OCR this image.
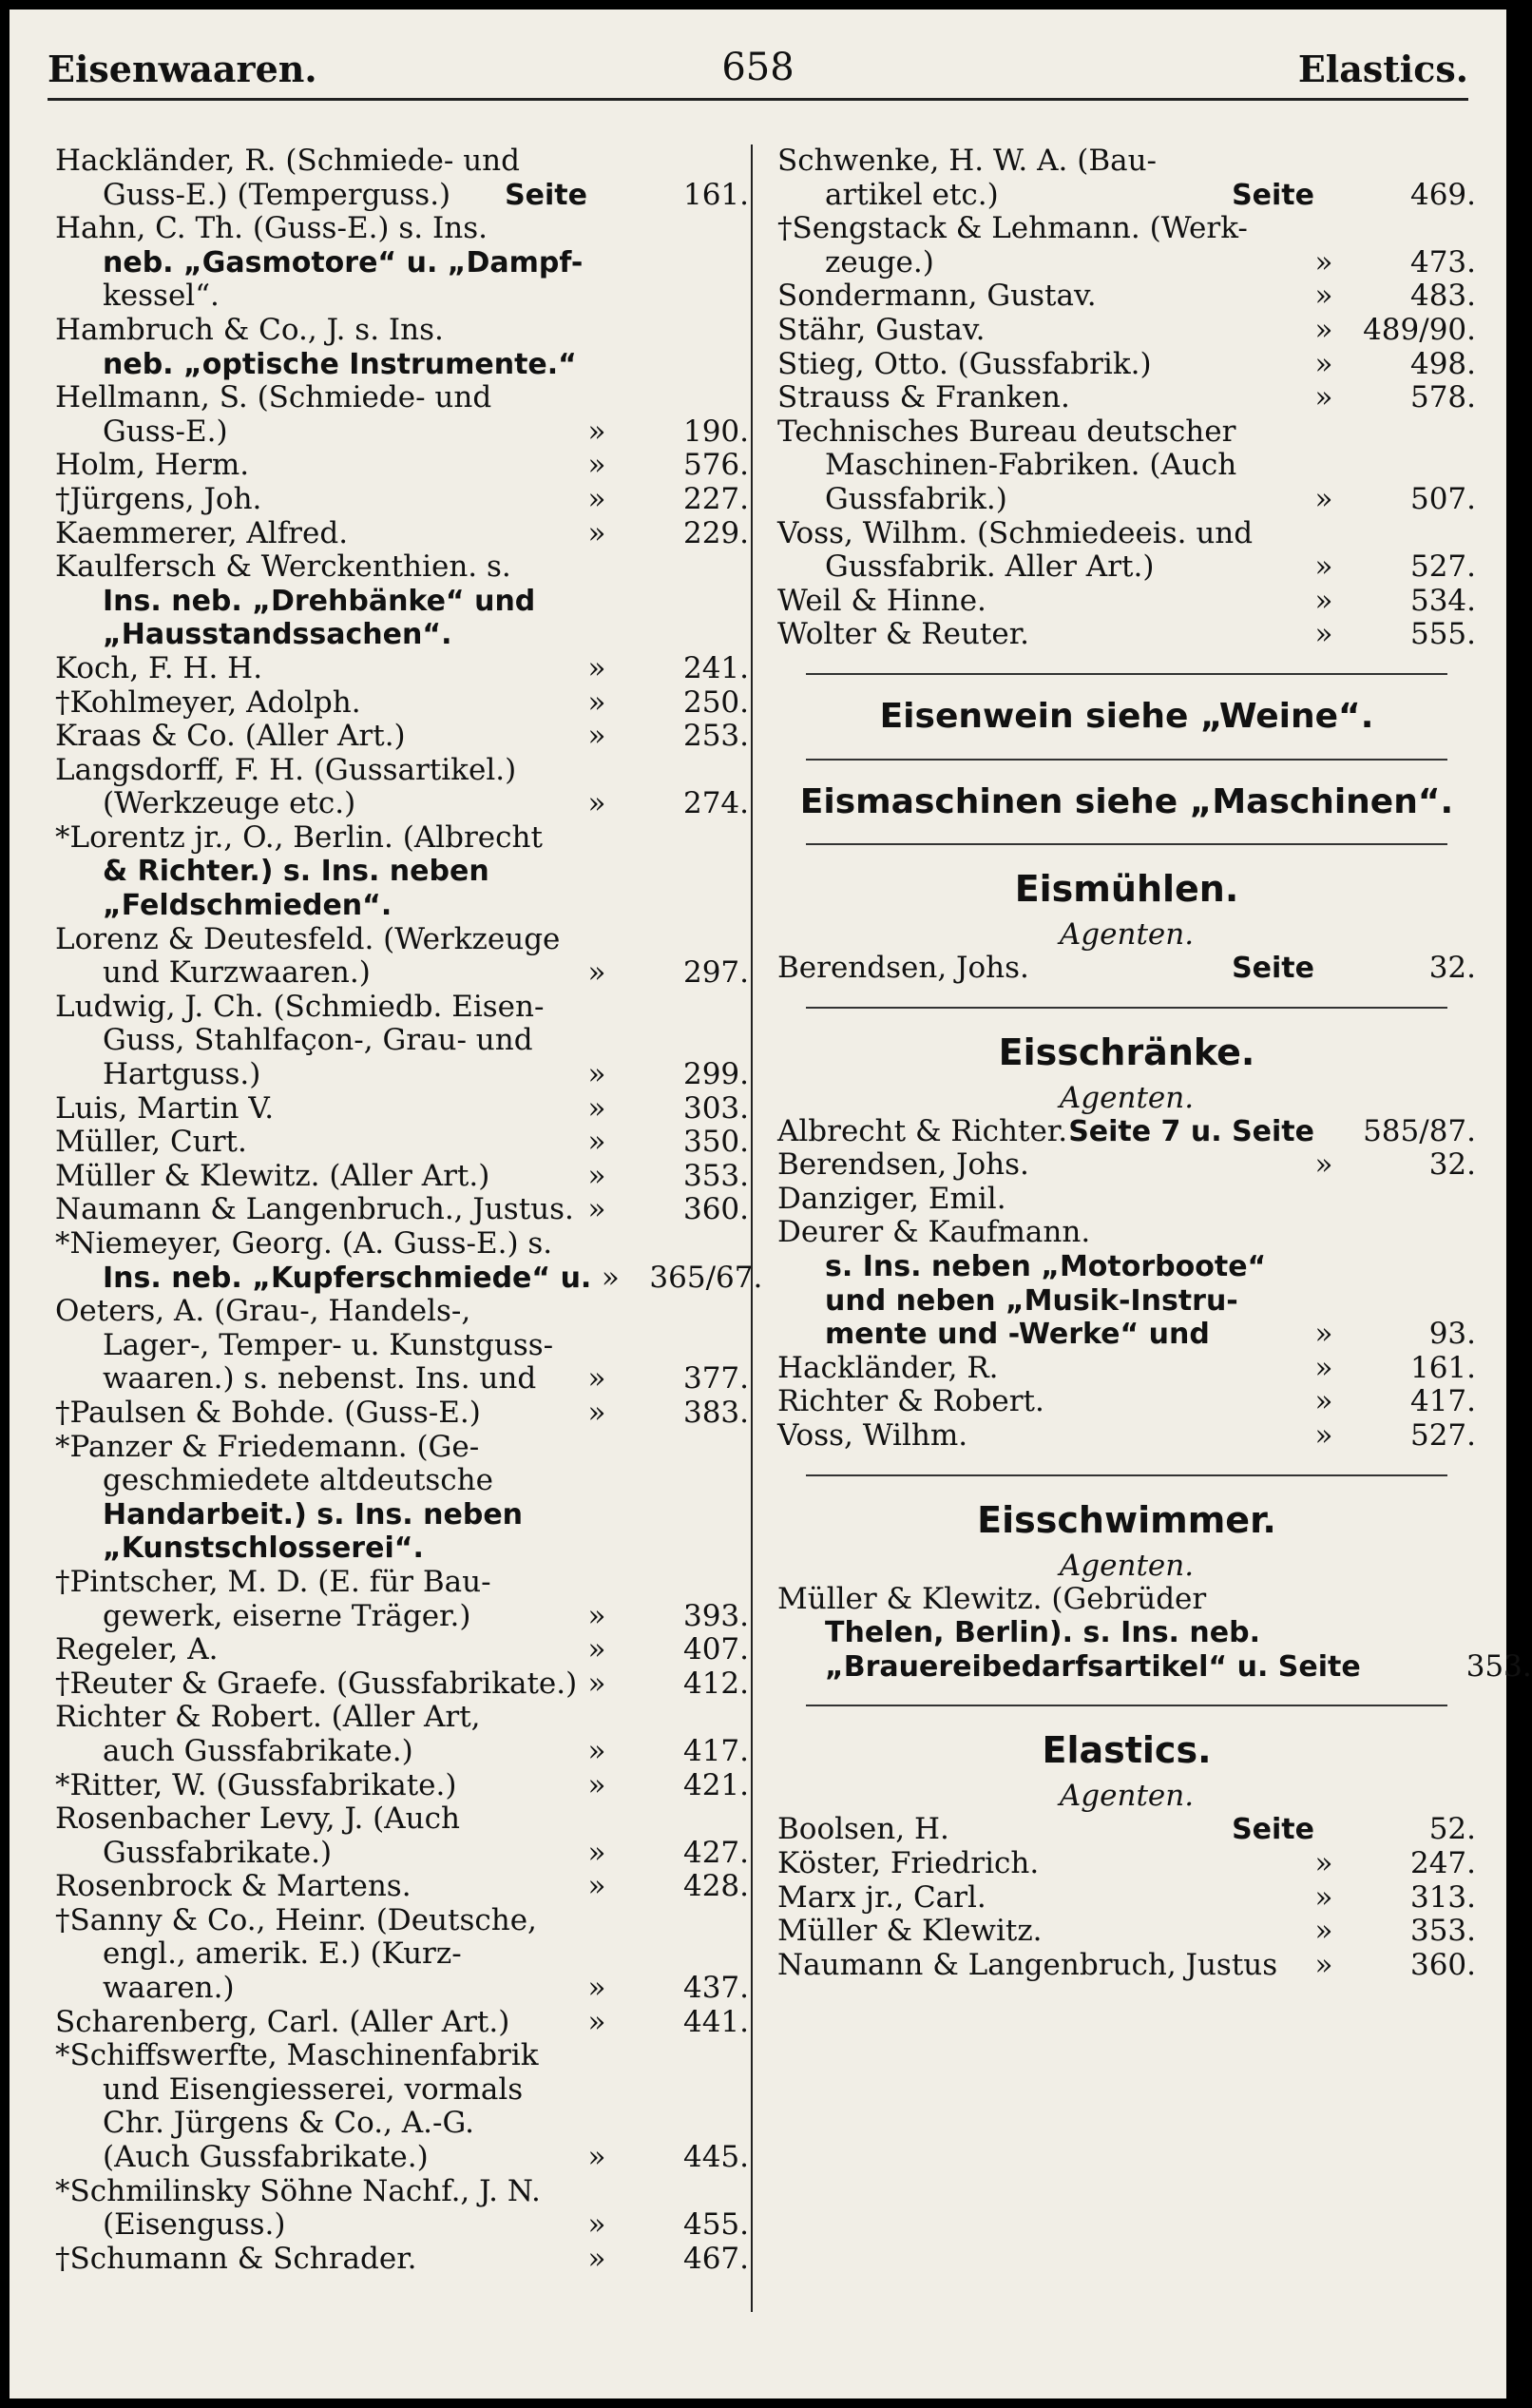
Eisenwaaren.	658	Elastics.
Hackländer, R. (Schmiede- und
Guss-E.) (Temperguss.)	Seite	161.
Hahn, C. Th. (Guss-E.) s. Ins.
neb. „Gasmotore“ u. „Dampf-
kessel“.
Hambruch & Co., J. s. Ins.
neb. „optische Instrumente.“
Hellmann, S. (Schmiede- und
Guss-E.)	»	190.
Holm, Herm.	»	576.
†Jürgens, Joh.	»	227.
Kaemmerer, Alfred.	»	229.
Kaulfersch & Werckenthien. s.
Ins. neb. „Drehbänke“ und
„Hausstandssachen“.
Koch, F. H. H.	»	241.
†Kohlmeyer, Adolph.	»	250.
Kraas & Co. (Aller Art.)	»	253.
Langsdorff, F. H. (Gussartikel.)
(Werkzeuge etc.)	»	274.
*Lorentz jr., O., Berlin. (Albrecht
& Richter.) s. Ins. neben
„Feldschmieden“.
Lorenz & Deutesfeld. (Werkzeuge
und Kurzwaaren.)	»	297.
Ludwig, J. Ch. (Schmiedb. Eisen-
Guss, Stahlfaçon-, Grau- und
Hartguss.)	»	299.
Luis, Martin V.	»	303.
Müller, Curt.	»	350.
Müller & Klewitz. (Aller Art.)	»	353.
Naumann & Langenbruch., Justus. »	360.
*Niemeyer, Georg. (A. Guss-E.) s.
Ins. neb. „Kupferschmiede“ u. »	365/67.
Oeters, A. (Grau-, Handels-,
Lager-, Temper- u. Kunstguss-
waaren.) s. nebenst. Ins. und	»	377.
†Paulsen & Bohde. (Guss-E.)	»	383.
*Panzer & Friedemann. (Ge-
geschmiedete altdeutsche
Handarbeit.) s. Ins. neben
„Kunstschlosserei“.
†Pintscher, M. D. (E. für Bau-
gewerk, eiserne Träger.)	»	393.
Regeler, A.	»	407.
†Reuter & Graefe. (Gussfabrikate.) »	412.
Richter & Robert. (Aller Art,
auch Gussfabrikate.)	»	417.
*Ritter, W. (Gussfabrikate.)	»	421.
Rosenbacher Levy, J. (Auch
Gussfabrikate.)	»	427.
Rosenbrock & Martens.	»	428.
†Sanny & Co., Heinr. (Deutsche,
engl., amerik. E.) (Kurz-
waaren.)	»	437.
Scharenberg, Carl. (Aller Art.)	»	441.
*Schiffswerfte, Maschinenfabrik
und Eisengiesserei, vormals
Chr. Jürgens & Co., A.-G.
(Auch Gussfabrikate.)	»	445.
*Schmilinsky Söhne Nachf., J. N.
(Eisenguss.)	»	455.
†Schumann & Schrader.	»	467.
Schwenke, H. W. A. (Bau-
artikel etc.)	Seite	469.
†Sengstack & Lehmann. (Werk-
zeuge.)	»	473.
Sondermann, Gustav.	»	483.
Stähr, Gustav.	»	489/90.
Stieg, Otto. (Gussfabrik.)	»	498.
Strauss & Franken.	»	578.
Technisches Bureau deutscher
Maschinen-Fabriken. (Auch
Gussfabrik.)	»	507.
Voss, Wilhm. (Schmiedeeis. und
Gussfabrik. Aller Art.)	»	527.
Weil & Hinne.	»	534.
Wolter & Reuter.	»	555.
Eisenwein siehe „Weine“.
Eismaschinen siehe „Maschinen“.
Eismühlen.
Agenten.
Berendsen, Johs.	Seite	32.
Eisschränke.
Agenten.
Albrecht & Richter. Seite 7 u. Seite	585/87.
Berendsen, Johs.	»	32.
Danziger, Emil.
Deurer & Kaufmann.
s. Ins. neben „Motorboote“
und neben „Musik-Instru-
mente und -Werke“ und	»	93.
Hackländer, R.	»	161.
Richter & Robert.	»	417.
Voss, Wilhm.	»	527.
Eisschwimmer.
Agenten.
Müller & Klewitz. (Gebrüder
Thelen, Berlin). s. Ins. neb.
„Brauereibedarfsartikel“ u. Seite	353.
Elastics.
Agenten.
Boolsen, H.	Seite	52.
Köster, Friedrich.	»	247.
Marx jr., Carl.	»	313.
Müller & Klewitz.	»	353.
Naumann & Langenbruch, Justus	»	360.
